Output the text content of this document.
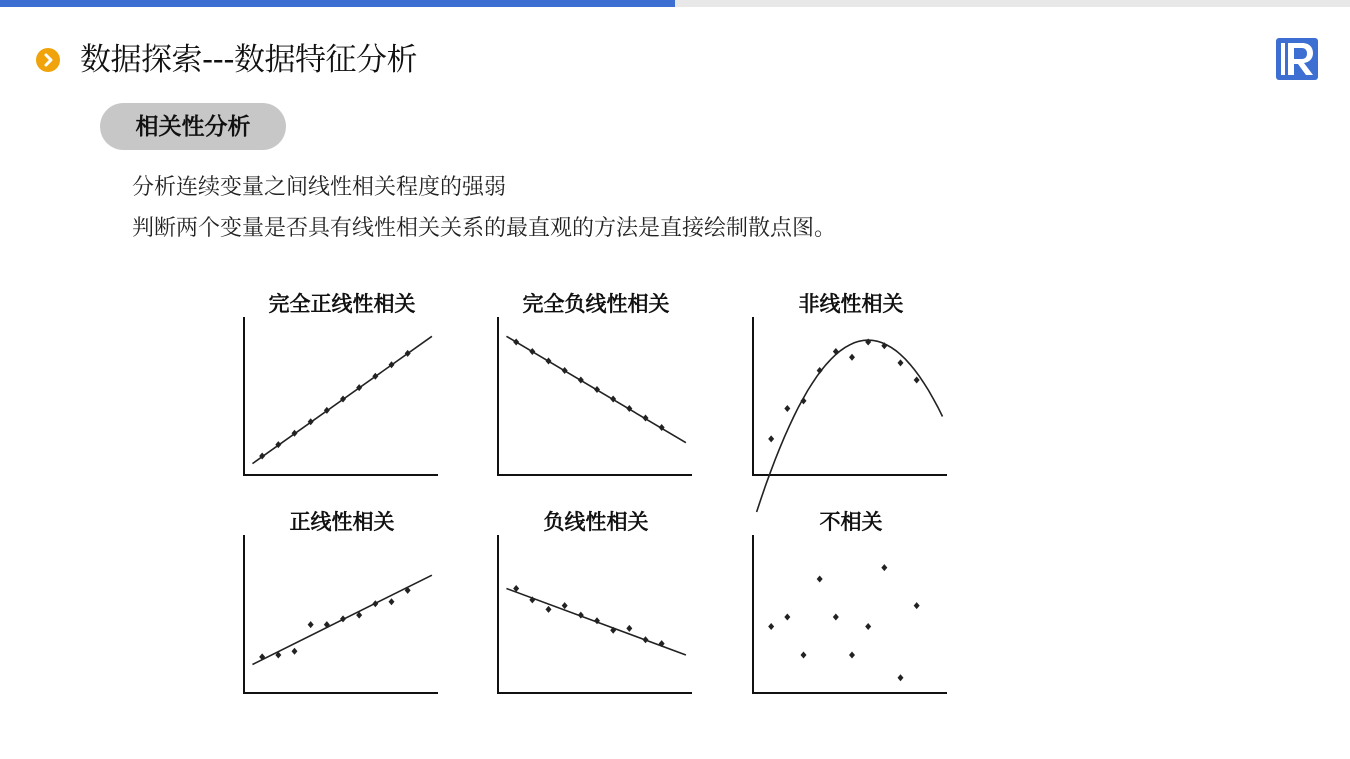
数据探索---数据特征分析
相关性分析
分析连续变量之间线性相关程度的强弱
判断两个变量是否具有线性相关关系的最直观的方法是直接绘制散点图。
完全正线性相关	完全负线性相关	非线性相关
正线性相关	负线性相关	不相关
